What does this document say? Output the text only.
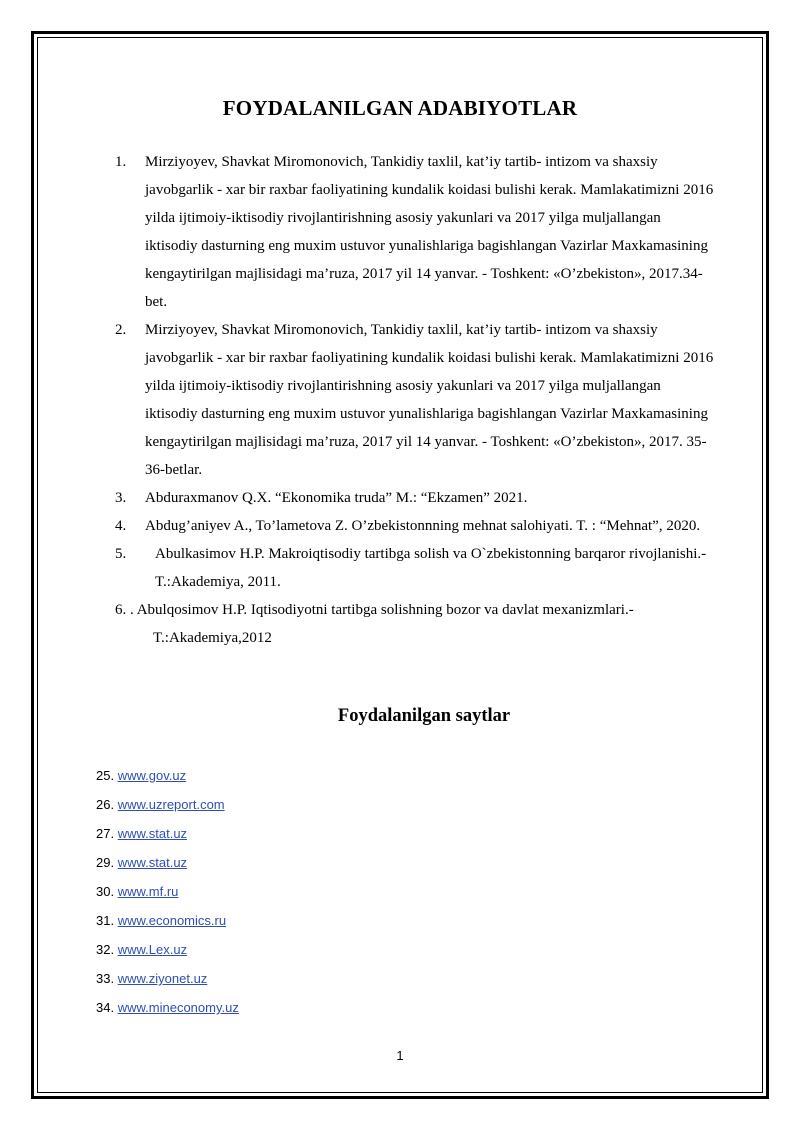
FOYDALANILGAN ADABIYOTLAR
1. Mirziyoyev, Shavkat Miromonovich, Tankidiy taxlil, kat’iy tartib- intizom va shaxsiy javobgarlik - xar bir raxbar faoliyatining kundalik koidasi bulishi kerak. Mamlakatimizni 2016 yilda ijtimoiy-iktisodiy rivojlantirishning asosiy yakunlari va 2017 yilga muljallangan iktisodiy dasturning eng muxim ustuvor yunalishlariga bagishlangan Vazirlar Maxkamasining kengaytirilgan majlisidagi ma’ruza, 2017 yil 14 yanvar. - Toshkent: «O’zbekiston», 2017.34-bet.
2. Mirziyoyev, Shavkat Miromonovich, Tankidiy taxlil, kat’iy tartib- intizom va shaxsiy javobgarlik - xar bir raxbar faoliyatining kundalik koidasi bulishi kerak. Mamlakatimizni 2016 yilda ijtimoiy-iktisodiy rivojlantirishning asosiy yakunlari va 2017 yilga muljallangan iktisodiy dasturning eng muxim ustuvor yunalishlariga bagishlangan Vazirlar Maxkamasining kengaytirilgan majlisidagi ma’ruza, 2017 yil 14 yanvar. - Toshkent: «O’zbekiston», 2017. 35-36-betlar.
3. Abduraxmanov Q.X. “Ekonomika truda” M.: “Ekzamen” 2021.
4. Abdug’aniyev A., To’lametova Z. O’zbekistonnning mehnat salohiyati. T. : “Mehnat”, 2020.
5. Abulkasimov H.P. Makroiqtisodiy tartibga solish va O`zbekistonning barqaror rivojlanishi.- T.:Akademiya, 2011.
6. . Abulqosimov H.P. Iqtisodiyotni tartibga solishning bozor va davlat mexanizmlari.- T.:Akademiya,2012
Foydalanilgan saytlar
25. www.gov.uz
26. www.uzreport.com
27. www.stat.uz
29. www.stat.uz
30. www.mf.ru
31. www.economics.ru
32. www.Lex.uz
33. www.ziyonet.uz
34. www.mineconomy.uz
1
